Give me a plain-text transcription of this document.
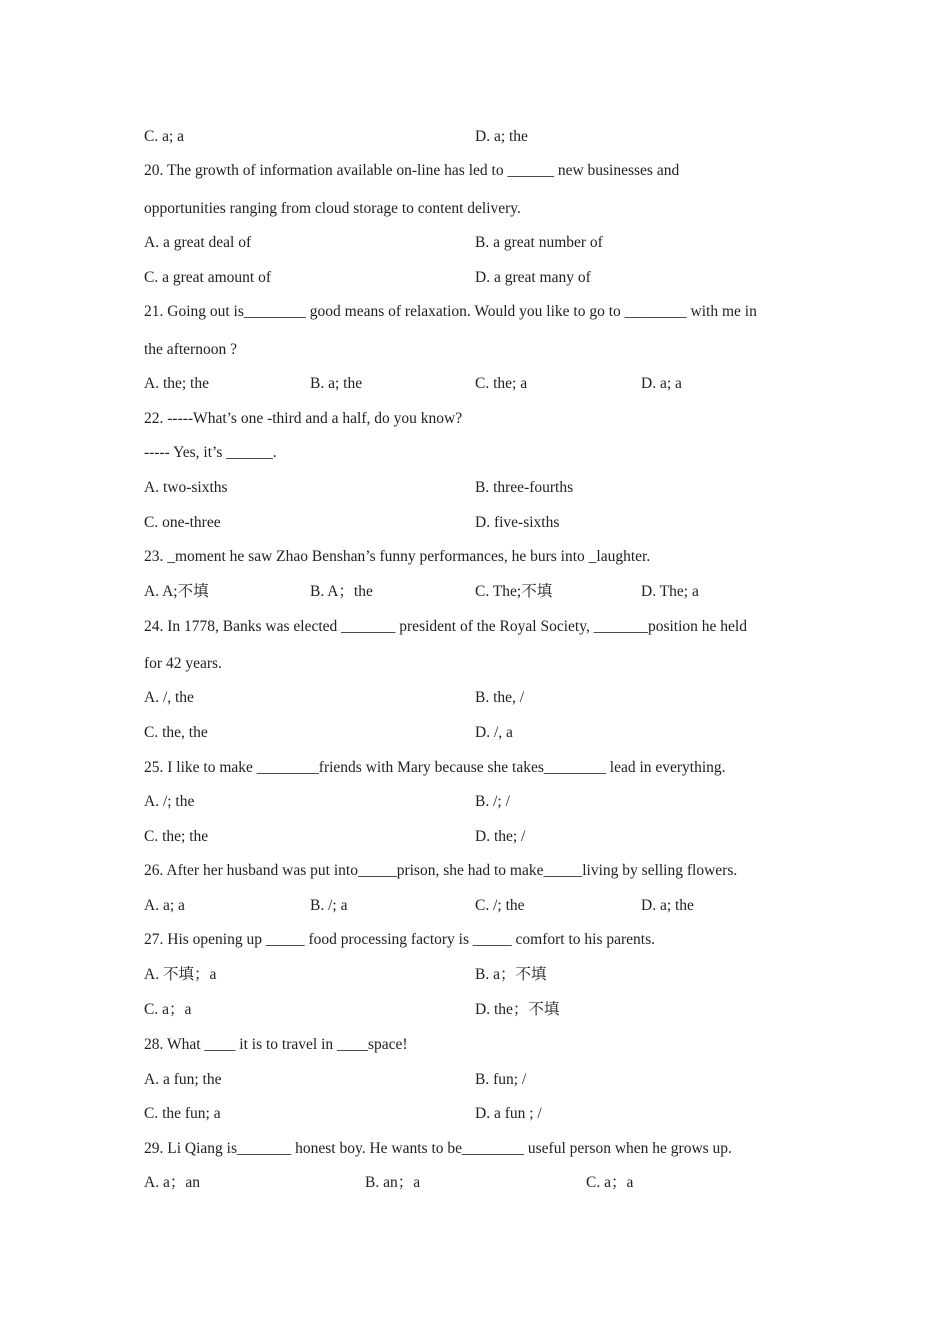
C. a; a	D. a; the
20. The growth of information available on-line has led to ______ new businesses and
opportunities ranging from cloud storage to content delivery.
A. a great deal of	B. a great number of
C. a great amount of	D. a great many of
21. Going out is________ good means of relaxation. Would you like to go to ________ with me in
the afternoon ?
A. the; the	B. a; the	C. the; a	D. a; a
22. -----What’s one -third and a half, do you know?
----- Yes, it’s ______.
A. two-sixths	B. three-fourths
C. one-three	D. five-sixths
23. _moment he saw Zhao Benshan’s funny performances, he burs into _laughter.
A. A;不填	B. A；the	C. The;不填	D. The; a
24. In 1778, Banks was elected _______ president of the Royal Society, _______position he held
for 42 years.
A. /, the	B. the, /
C. the, the	D. /, a
25. I like to make ________friends with Mary because she takes________ lead in everything.
A. /; the	B. /; /
C. the; the	D. the; /
26. After her husband was put into_____prison, she had to make_____living by selling flowers.
A. a; a	B. /; a	C. /; the	D. a; the
27. His opening up _____ food processing factory is _____ comfort to his parents.
A. 不填；a	B. a；不填
C. a；a	D. the；不填
28. What ____ it is to travel in ____space!
A. a fun; the	B. fun; /
C. the fun; a	D. a fun ; /
29. Li Qiang is_______ honest boy. He wants to be________ useful person when he grows up.
A. a；an	B. an；a	C. a；a
